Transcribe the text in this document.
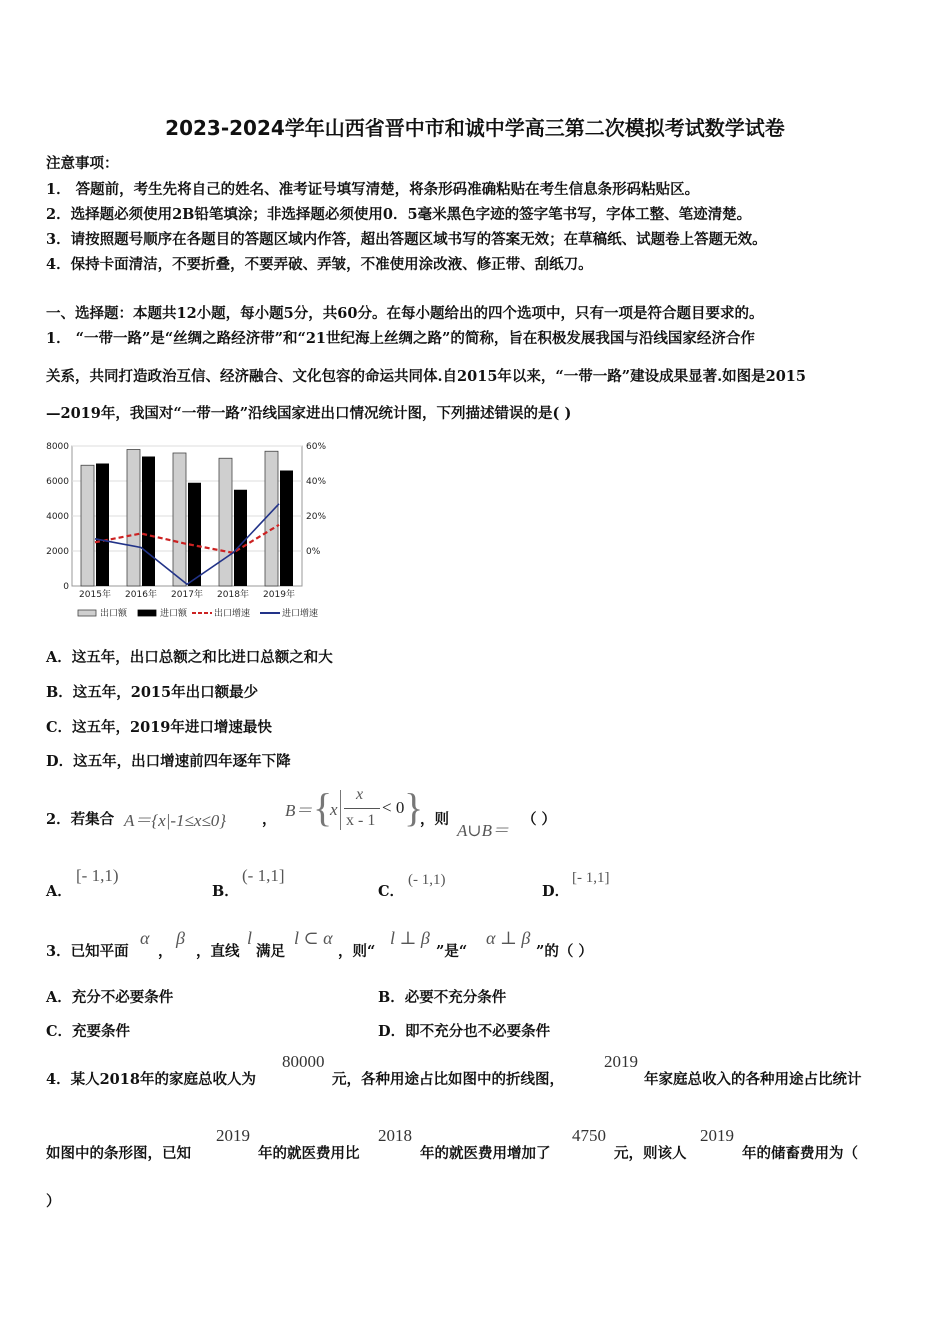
2023-2024学年山西省晋中市和诚中学高三第二次模拟考试数学试卷
注意事项：
1． 答题前，考生先将自己的姓名、准考证号填写清楚，将条形码准确粘贴在考生信息条形码粘贴区。
2．选择题必须使用2B铅笔填涂；非选择题必须使用0．5毫米黑色字迹的签字笔书写，字体工整、笔迹清楚。
3．请按照题号顺序在各题目的答题区域内作答，超出答题区域书写的答案无效；在草稿纸、试题卷上答题无效。
4．保持卡面清洁，不要折叠，不要弄破、弄皱，不准使用涂改液、修正带、刮纸刀。
一、选择题：本题共12小题，每小题5分，共60分。在每小题给出的四个选项中，只有一项是符合题目要求的。
1． “一带一路”是“丝绸之路经济带”和“21世纪海上丝绸之路”的简称，旨在积极发展我国与沿线国家经济合作
关系，共同打造政治互信、经济融合、文化包容的命运共同体.自2015年以来，“一带一路”建设成果显著.如图是2015
—2019年，我国对“一带一路”沿线国家进出口情况统计图，下列描述错误的是( )
8000
6000
4000
2000
0
60%
40%
20%
0%
2015年 2016年 2017年 2018年 2019年
出口额	进口额	出口增速	进口增速
A．这五年，出口总额之和比进口总额之和大
B．这五年，2015年出口额最少
C．这五年，2019年进口增速最快
D．这五年，出口增速前四年逐年下降
2．若集合 A＝{x|-1≤x≤0} ， B＝ {
x
x
x - 1
< 0 }
，则
A∪B＝
（ ）
A．
[- 1,1)
B．
(- 1,1]
C．
(- 1,1)
D．
[- 1,1]
3．已知平面
α
，
β
，直线
l
满足
l ⊂ α
，则“
l ⊥ β
”是“
α ⊥ β
”的（ ）
A．充分不必要条件	B．必要不充分条件
C．充要条件	D．即不充分也不必要条件
4．某人2018年的家庭总收人为
80000
元，各种用途占比如图中的折线图，
2019
年家庭总收入的各种用途占比统计
如图中的条形图，已知
2019
年的就医费用比
2018
年的就医费用增加了
4750
元，则该人
2019
年的储畜费用为（
）
